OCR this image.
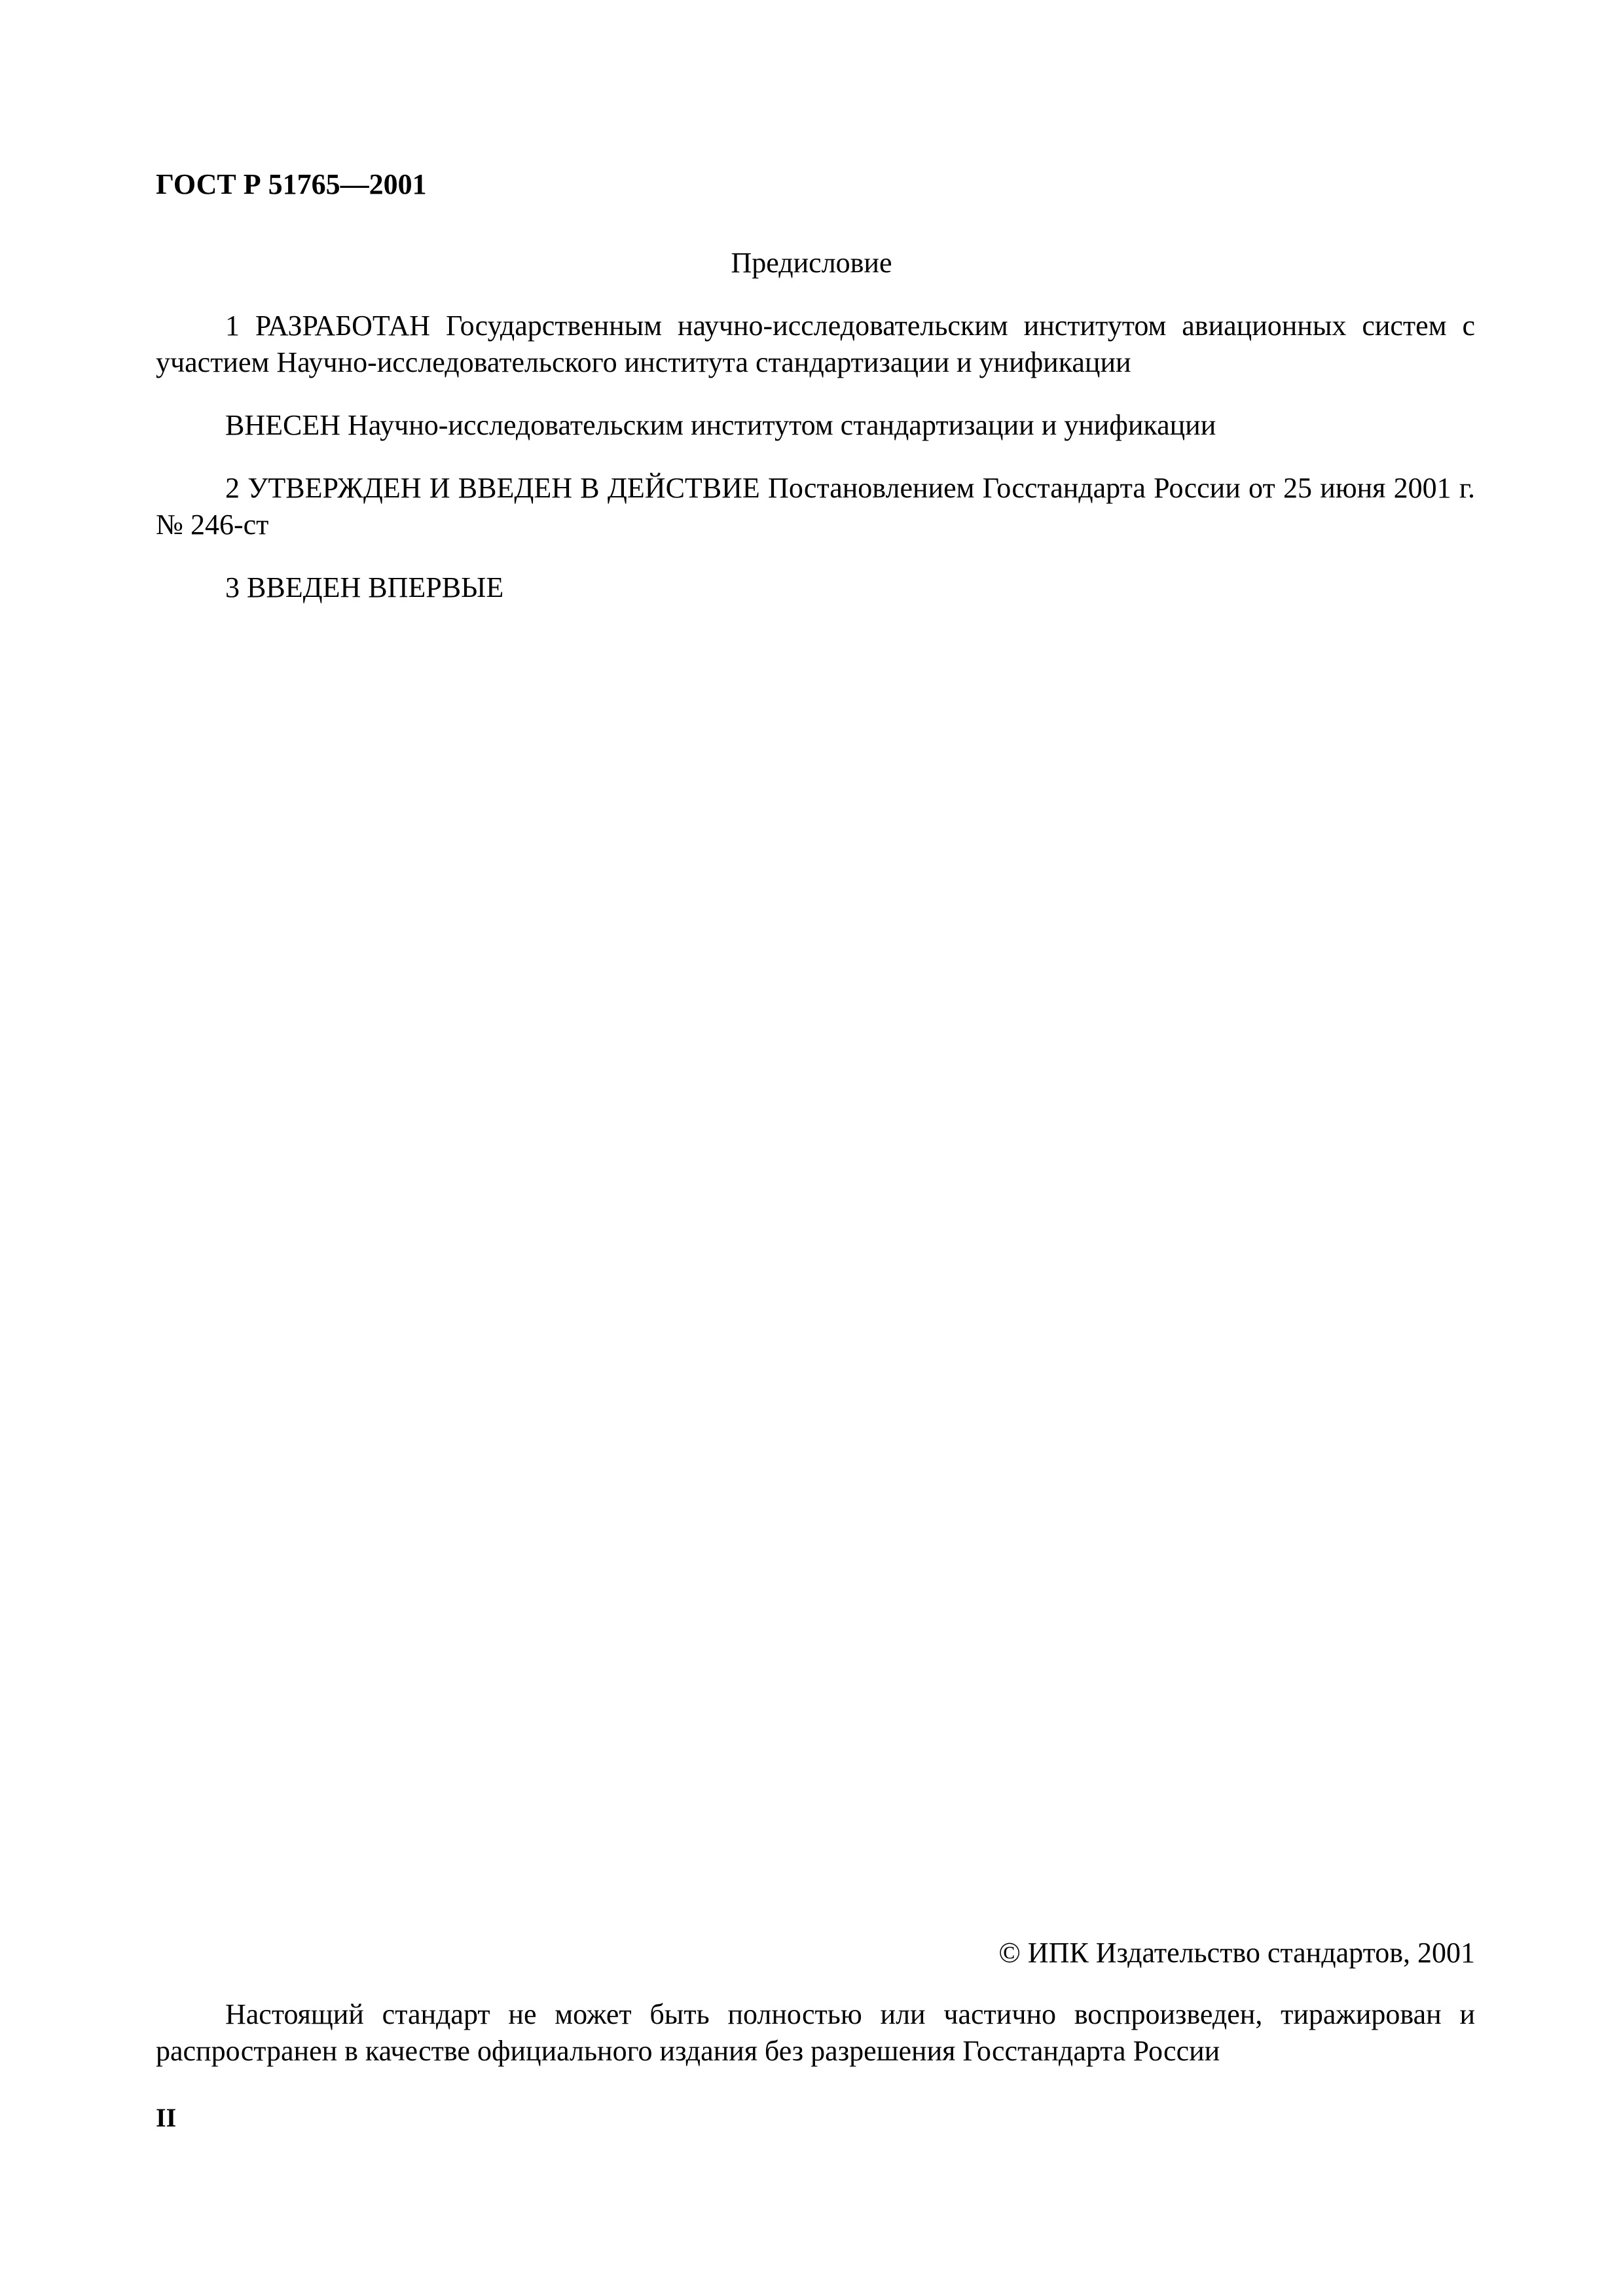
ГОСТ Р 51765—2001
Предисловие

1 РАЗРАБОТАН Государственным научно-исследовательским институтом авиационных систем с участием Научно-исследовательского института стандартизации и унификации

ВНЕСЕН Научно-исследовательским институтом стандартизации и унификации

2 УТВЕРЖДЕН И ВВЕДЕН В ДЕЙСТВИЕ Постановлением Госстандарта России от 25 июня 2001 г. № 246-ст

3 ВВЕДЕН ВПЕРВЫЕ

© ИПК Издательство стандартов, 2001

Настоящий стандарт не может быть полностью или частично воспроизведен, тиражирован и распространен в качестве официального издания без разрешения Госстандарта России

II
